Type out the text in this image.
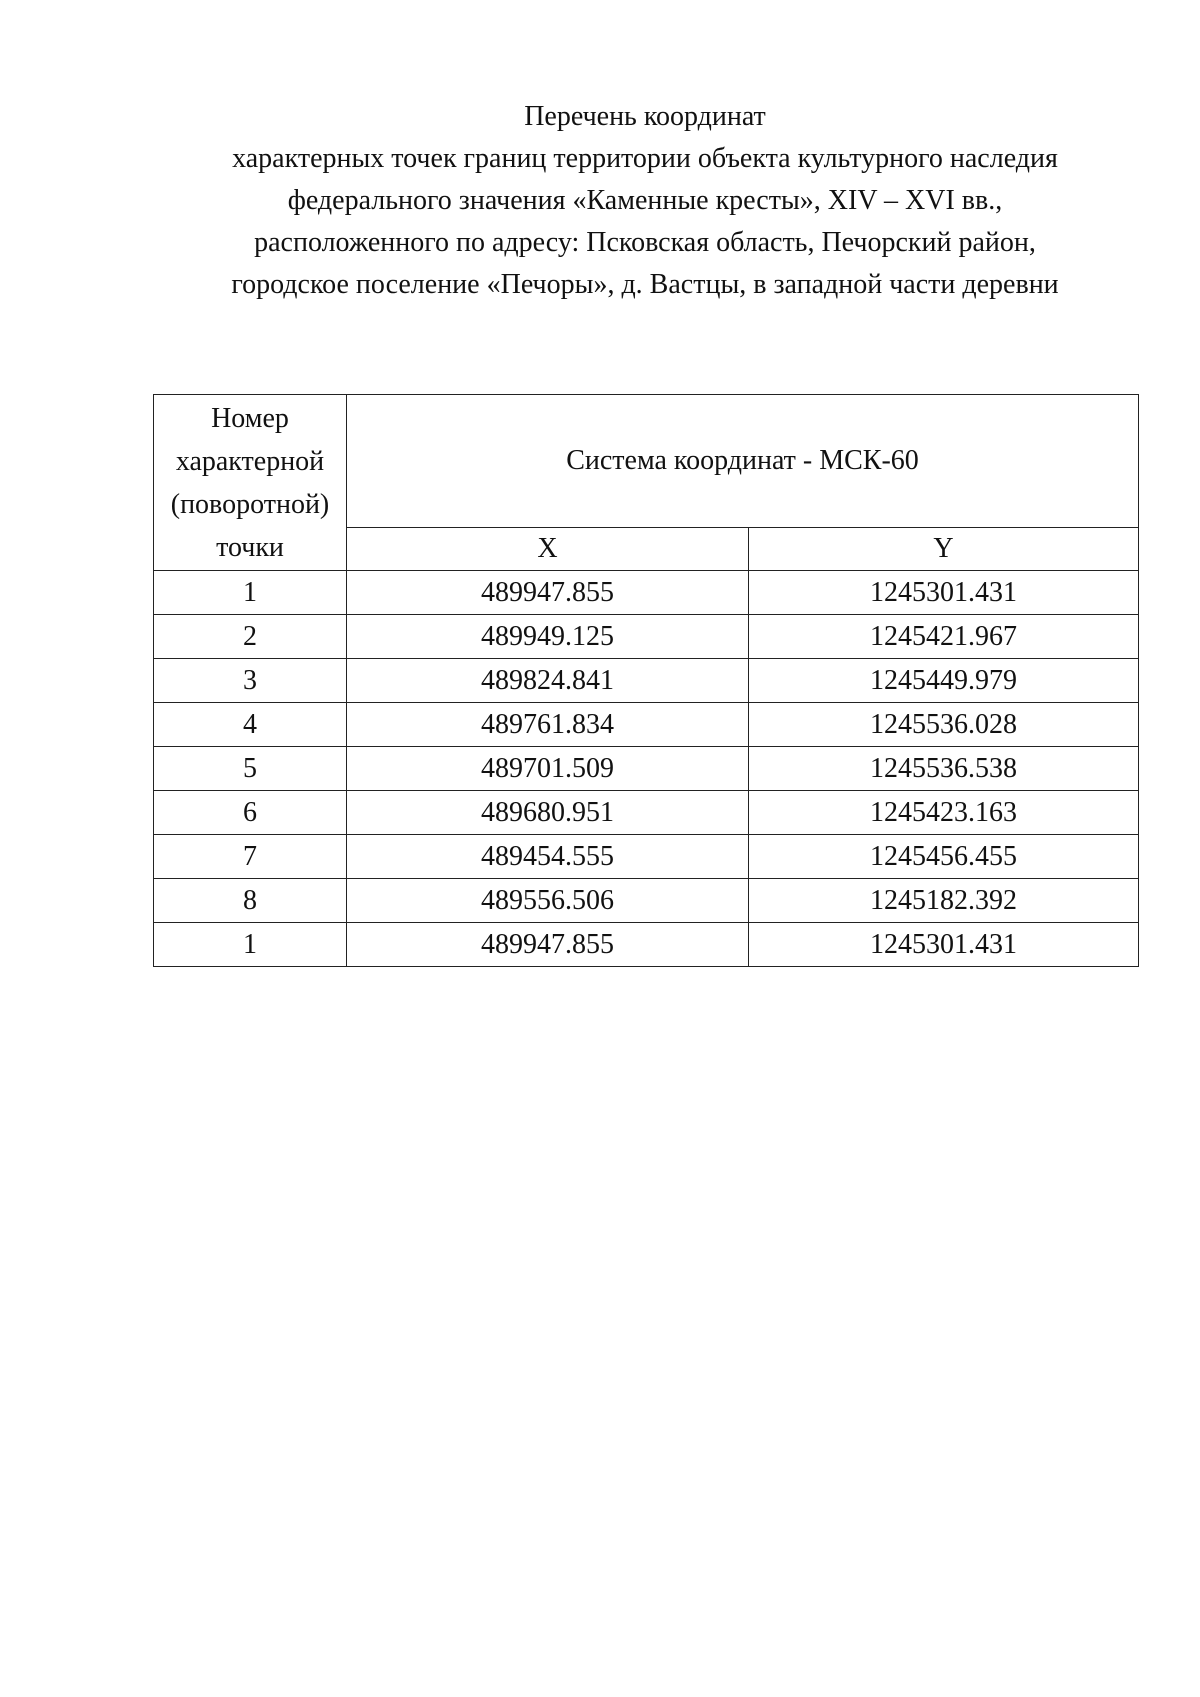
Перечень координат
характерных точек границ территории объекта культурного наследия
федерального значения «Каменные кресты», XIV – XVI вв.,
расположенного по адресу: Псковская область, Печорский район,
городское поселение «Печоры», д. Вастцы, в западной части деревни
Номер
характерной
(поворотной)
точки	Система координат - МСК-60	
	X	Y
1	489947.855	1245301.431
2	489949.125	1245421.967
3	489824.841	1245449.979
4	489761.834	1245536.028
5	489701.509	1245536.538
6	489680.951	1245423.163
7	489454.555	1245456.455
8	489556.506	1245182.392
1	489947.855	1245301.431
